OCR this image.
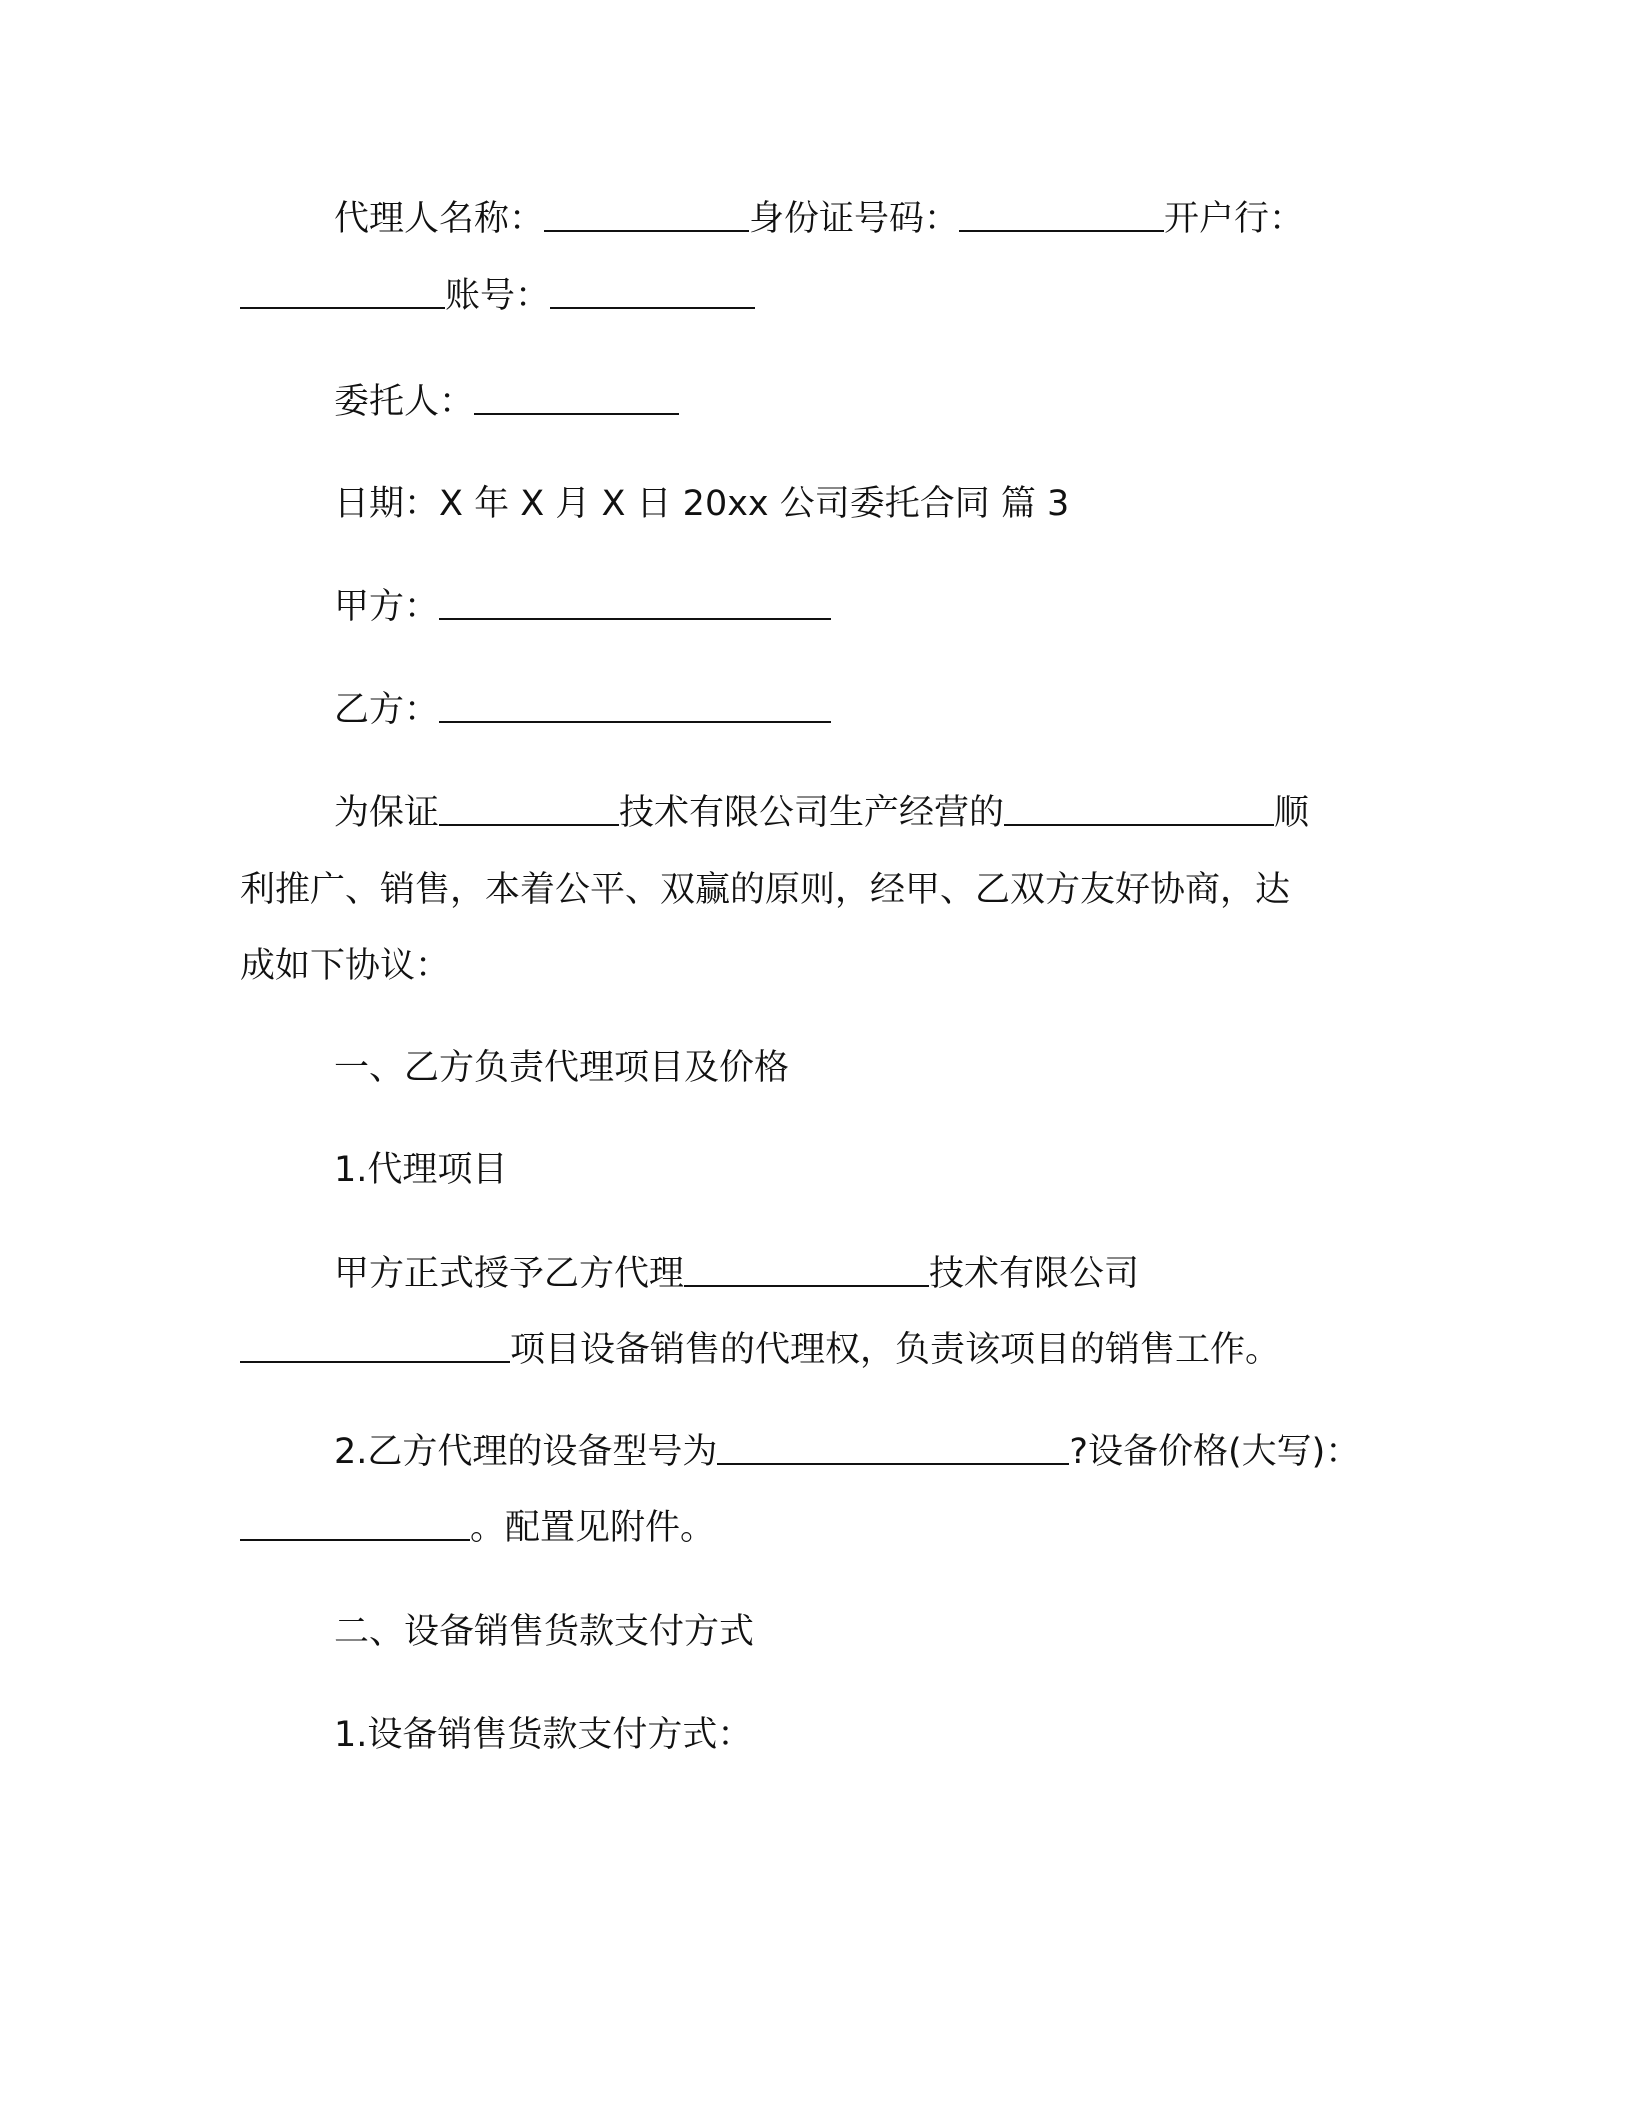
代理人名称：	身份证号码：	开户行：
账号：
委托人：
日期：X 年 X 月 X 日 20xx 公司委托合同 篇 3
甲方：
乙方：
为保证	技术有限公司生产经营的	顺
利推广、销售，本着公平、双赢的原则，经甲、乙双方友好协商，达
成如下协议：
一、乙方负责代理项目及价格
1.代理项目
甲方正式授予乙方代理	技术有限公司
项目设备销售的代理权，负责该项目的销售工作。
2.乙方代理的设备型号为	?设备价格(大写)：
。配置见附件。
二、设备销售货款支付方式
1.设备销售货款支付方式：
